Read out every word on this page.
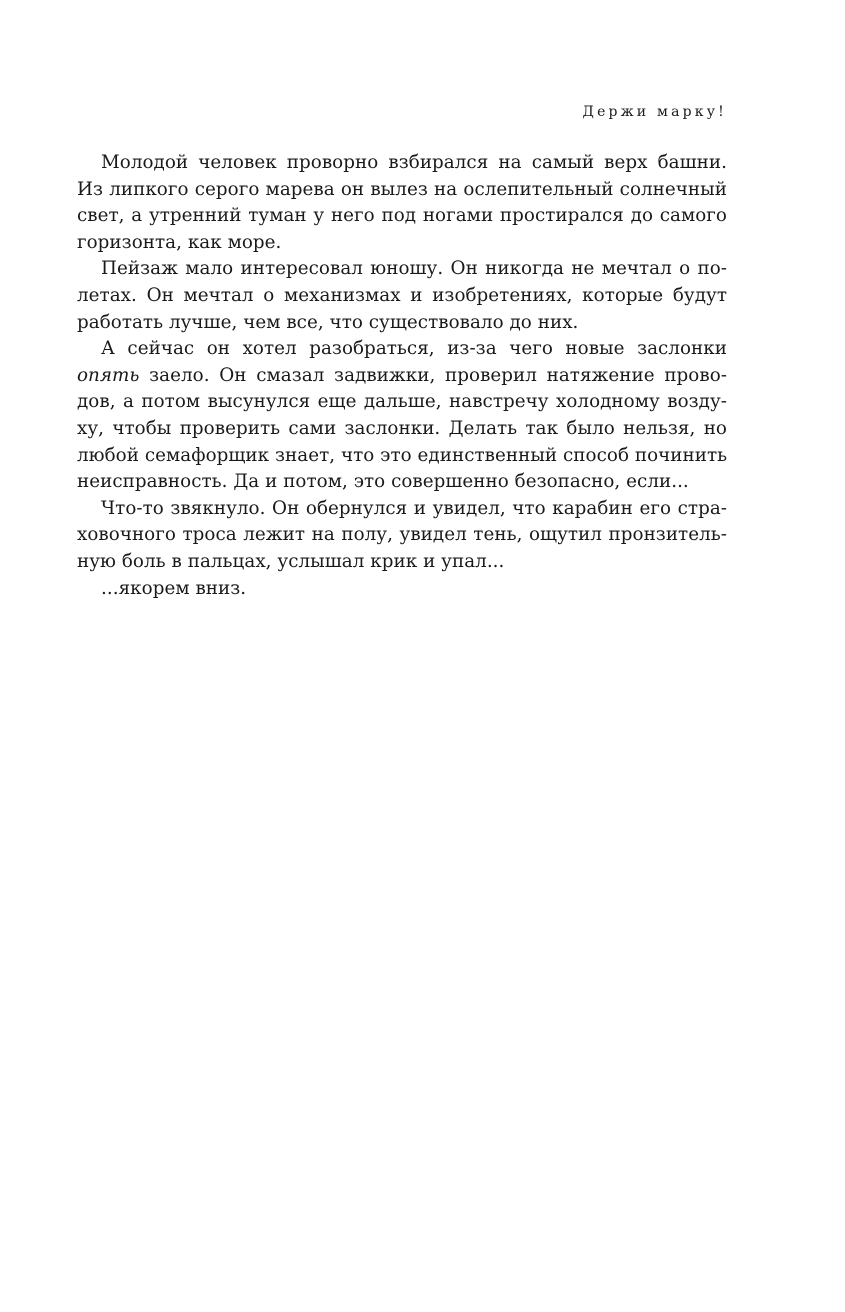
Держи марку!
Молодой человек проворно взбирался на самый верх башни.
Из липкого серого марева он вылез на ослепительный солнечный
свет, а утренний туман у него под ногами простирался до самого
горизонта, как море.
Пейзаж мало интересовал юношу. Он никогда не мечтал о по-
летах. Он мечтал о механизмах и изобретениях, которые будут
работать лучше, чем все, что существовало до них.
А сейчас он хотел разобраться, из-за чего новые заслонки
опять заело. Он смазал задвижки, проверил натяжение прово-
дов, а потом высунулся еще дальше, навстречу холодному возду-
ху, чтобы проверить сами заслонки. Делать так было нельзя, но
любой семафорщик знает, что это единственный способ починить
неисправность. Да и потом, это совершенно безопасно, если...
Что-то звякнуло. Он обернулся и увидел, что карабин его стра-
ховочного троса лежит на полу, увидел тень, ощутил пронзитель-
ную боль в пальцах, услышал крик и упал...
...якорем вниз.
